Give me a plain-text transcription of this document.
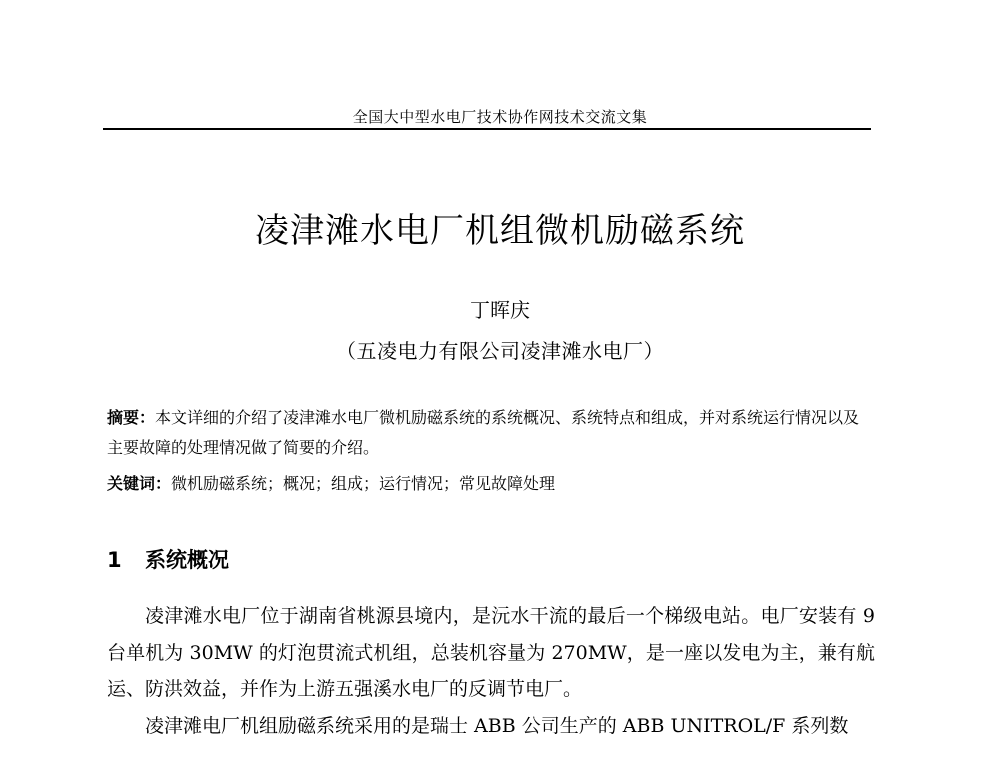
全国大中型水电厂技术协作网技术交流文集
凌津滩水电厂机组微机励磁系统
丁晖庆
（五凌电力有限公司凌津滩水电厂）
摘要：本文详细的介绍了凌津滩水电厂微机励磁系统的系统概况、系统特点和组成，并对系统运行情况以及主要故障的处理情况做了简要的介绍。
关键词：微机励磁系统；概况；组成；运行情况；常见故障处理
1 系统概况

凌津滩水电厂位于湖南省桃源县境内，是沅水干流的最后一个梯级电站。电厂安装有 9 台单机为 30MW 的灯泡贯流式机组，总装机容量为 270MW，是一座以发电为主，兼有航运、防洪效益，并作为上游五强溪水电厂的反调节电厂。

凌津滩电厂机组励磁系统采用的是瑞士 ABB 公司生产的 ABB UNITROL/F 系列数
